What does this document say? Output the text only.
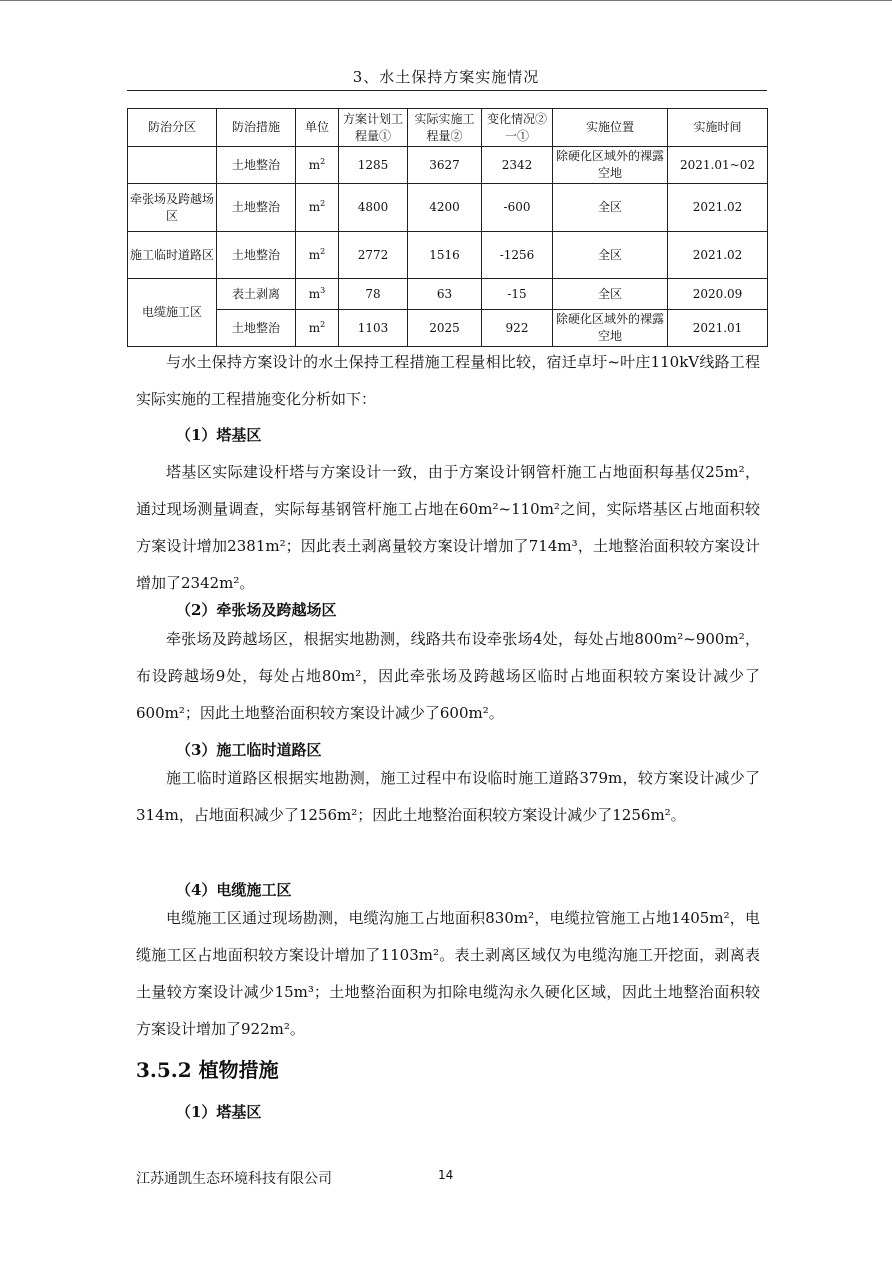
3、水土保持方案实施情况
防治分区	防治措施	单位	方案计划工程量①	实际实施工程量②	变化情况②一①	实施位置	实施时间
	土地整治	$m^2$	1285	3627	2342	除硬化区域外的裸露空地	2021.01~02
牵张场及跨越场区	土地整治	$m^2$	4800	4200	-600	全区	2021.02
施工临时道路区	土地整治	$m^2$	2772	1516	-1256	全区	2021.02
电缆施工区	表土剥离	$m^3$	78	63	-15	全区	2020.09
	土地整治	$m^2$	1103	2025	922	除硬化区域外的裸露空地	2021.01
与水土保持方案设计的水土保持工程措施工程量相比较，宿迁卓圩~叶庄110kV线路工程实际实施的工程措施变化分析如下：
（1）塔基区
塔基区实际建设杆塔与方案设计一致，由于方案设计钢管杆施工占地面积每基仅25m²，通过现场测量调查，实际每基钢管杆施工占地在60m²~110m²之间，实际塔基区占地面积较方案设计增加2381m²；因此表土剥离量较方案设计增加了714m³，土地整治面积较方案设计增加了2342m²。
（2）牵张场及跨越场区
牵张场及跨越场区，根据实地勘测，线路共布设牵张场4处，每处占地800m²~900m²，布设跨越场9处，每处占地80m²，因此牵张场及跨越场区临时占地面积较方案设计减少了600m²；因此土地整治面积较方案设计减少了600m²。
（3）施工临时道路区
施工临时道路区根据实地勘测，施工过程中布设临时施工道路379m，较方案设计减少了314m，占地面积减少了1256m²；因此土地整治面积较方案设计减少了1256m²。
（4）电缆施工区
电缆施工区通过现场勘测，电缆沟施工占地面积830m²，电缆拉管施工占地1405m²，电缆施工区占地面积较方案设计增加了1103m²。表土剥离区域仅为电缆沟施工开挖面，剥离表土量较方案设计减少15m³；土地整治面积为扣除电缆沟永久硬化区域，因此土地整治面积较方案设计增加了922m²。
3.5.2 植物措施
（1）塔基区
江苏通凯生态环境科技有限公司	14
